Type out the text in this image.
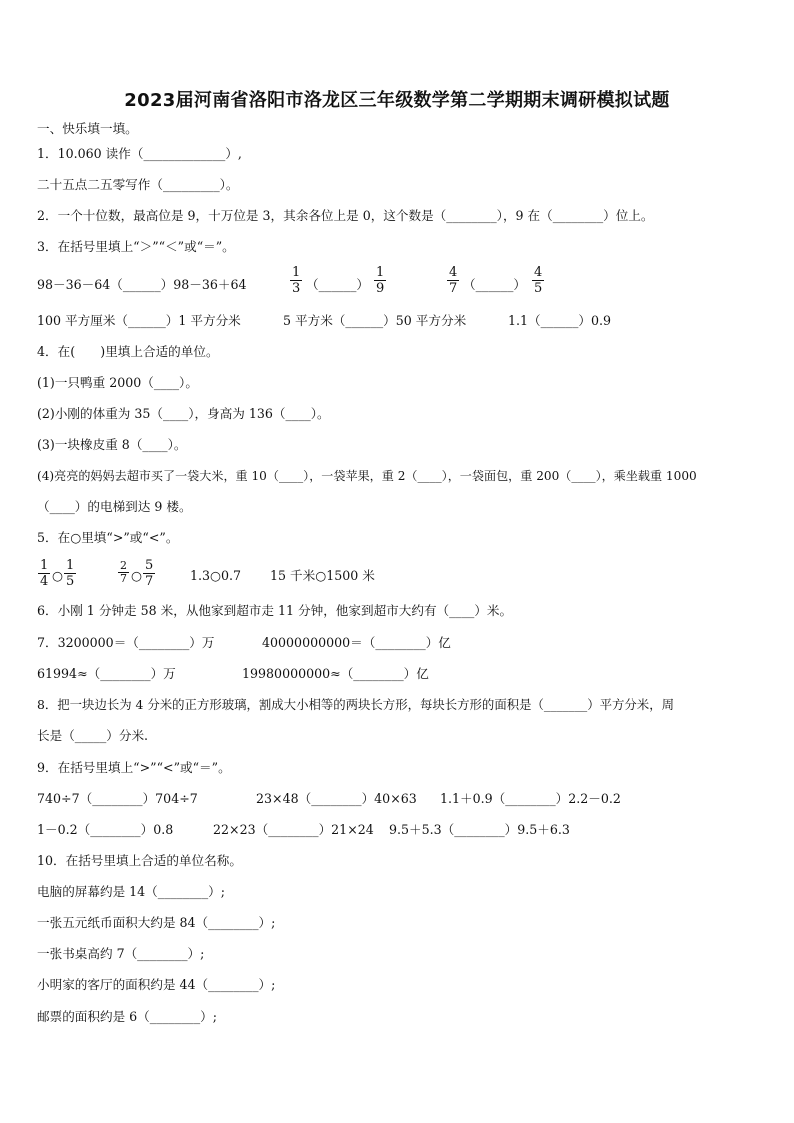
2023届河南省洛阳市洛龙区三年级数学第二学期期末调研模拟试题
一、快乐填一填。
1．10.060 读作（_____________）,
二十五点二五零写作（_________）。
2．一个十位数，最高位是 9，十万位是 3，其余各位上是 0，这个数是（________），9 在（________）位上。
3．在括号里填上“＞”“＜”或“＝”。
98－36－64（______）98－36＋64
1
3 （______）
1
9
4
7 （______）
4
5
100 平方厘米（______）1 平方分米	5 平方米（______）50 平方分米	1.1（______）0.9
4．在(　　)里填上合适的单位。
(1)一只鸭重 2000（____）。
(2)小刚的体重为 35（____），身高为 136（____）。
(3)一块橡皮重 8（____）。
(4)亮亮的妈妈去超市买了一袋大米，重 10（____），一袋苹果，重 2（____），一袋面包，重 200（____），乘坐载重 1000
（____）的电梯到达 9 楼。
5．在○里填“>”或“<”。
1
4 ○
1
5
2
7 ○
5
7	1.3○0.7 15 千米○1500 米
6．小刚 1 分钟走 58 米，从他家到超市走 11 分钟，他家到超市大约有（____）米。
7．3200000＝（________）万	40000000000＝（________）亿
61994≈（________）万	19980000000≈（________）亿
8．把一块边长为 4 分米的正方形玻璃，割成大小相等的两块长方形，每块长方形的面积是（_______）平方分米，周
长是（_____）分米.
9．在括号里填上“>”“<”或“＝”。
740÷7（________）704÷7	23×48（________）40×63 1.1＋0.9（________）2.2－0.2
1－0.2（________）0.8	22×23（________）21×24 9.5＋5.3（________）9.5＋6.3
10．在括号里填上合适的单位名称。
电脑的屏幕约是 14（________）;
一张五元纸币面积大约是 84（________）;
一张书桌高约 7（________）;
小明家的客厅的面积约是 44（________）;
邮票的面积约是 6（________）;
